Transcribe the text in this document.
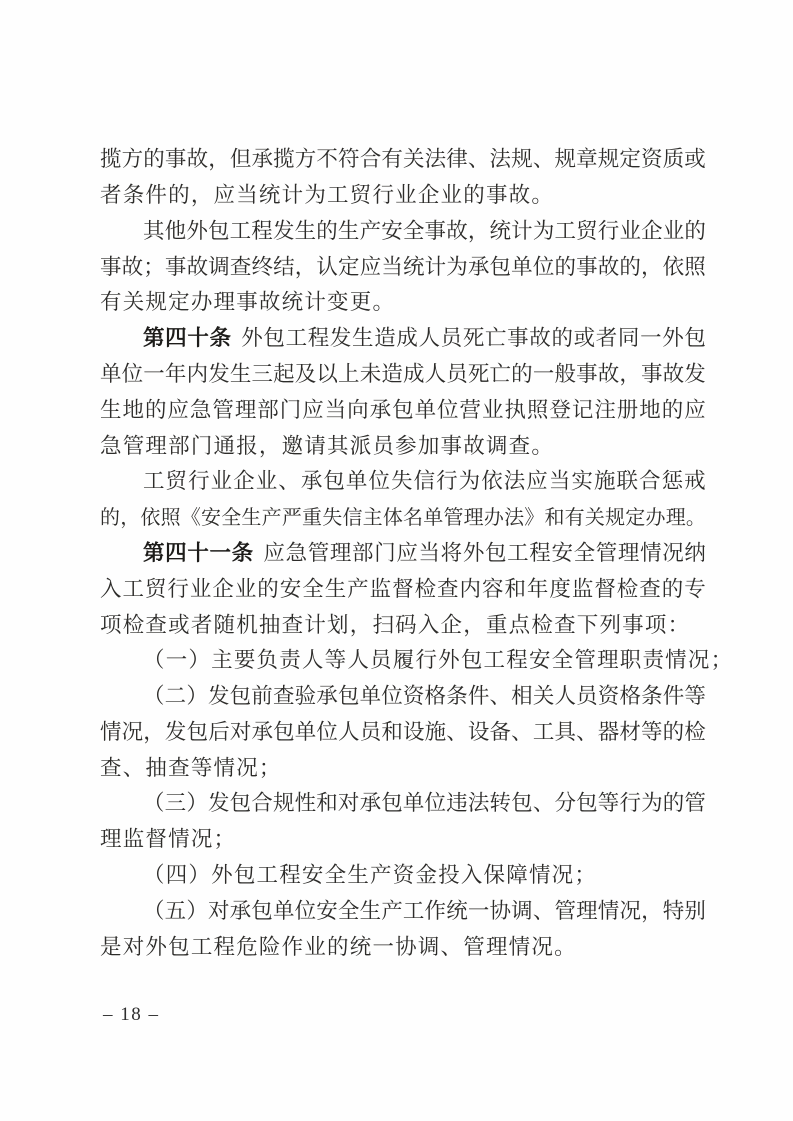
揽 方 的 事 故 ， 但 承 揽 方 不 符 合 有 关 法 律 、 法 规 、 规 章 规 定 资 质 或
者 条 件 的 ， 应 当 统 计 为 工 贸 行 业 企 业 的 事 故 。
其 他 外 包 工 程 发 生 的 生 产 安 全 事 故 ， 统 计 为 工 贸 行 业 企 业 的
事 故 ； 事 故 调 查 终 结 ， 认 定 应 当 统 计 为 承 包 单 位 的 事 故 的 ， 依 照
有 关 规 定 办 理 事 故 统 计 变 更 。
第 四 十 条 外 包 工 程 发 生 造 成 人 员 死 亡 事 故 的 或 者 同 一 外 包
单 位 一 年 内 发 生 三 起 及 以 上 未 造 成 人 员 死 亡 的 一 般 事 故 ， 事 故 发
生 地 的 应 急 管 理 部 门 应 当 向 承 包 单 位 营 业 执 照 登 记 注 册 地 的 应
急 管 理 部 门 通 报 ， 邀 请 其 派 员 参 加 事 故 调 查 。
工 贸 行 业 企 业 、 承 包 单 位 失 信 行 为 依 法 应 当 实 施 联 合 惩 戒
的 ， 依 照 《 安 全 生 产 严 重 失 信 主 体 名 单 管 理 办 法 》 和 有 关 规 定 办 理 。
第 四 十 一 条 应 急 管 理 部 门 应 当 将 外 包 工 程 安 全 管 理 情 况 纳
入 工 贸 行 业 企 业 的 安 全 生 产 监 督 检 查 内 容 和 年 度 监 督 检 查 的 专
项 检 查 或 者 随 机 抽 查 计 划 ， 扫 码 入 企 ， 重 点 检 查 下 列 事 项 ：
（ 一 ） 主 要 负 责 人 等 人 员 履 行 外 包 工 程 安 全 管 理 职 责 情 况 ；
（ 二 ） 发 包 前 查 验 承 包 单 位 资 格 条 件 、 相 关 人 员 资 格 条 件 等
情 况 ， 发 包 后 对 承 包 单 位 人 员 和 设 施 、 设 备 、 工 具 、 器 材 等 的 检
查 、 抽 查 等 情 况 ；
（ 三 ） 发 包 合 规 性 和 对 承 包 单 位 违 法 转 包 、 分 包 等 行 为 的 管
理 监 督 情 况 ；
（ 四 ） 外 包 工 程 安 全 生 产 资 金 投 入 保 障 情 况 ；
（ 五 ） 对 承 包 单 位 安 全 生 产 工 作 统 一 协 调 、 管 理 情 况 ， 特 别
是 对 外 包 工 程 危 险 作 业 的 统 一 协 调 、 管 理 情 况 。
– 18 –
